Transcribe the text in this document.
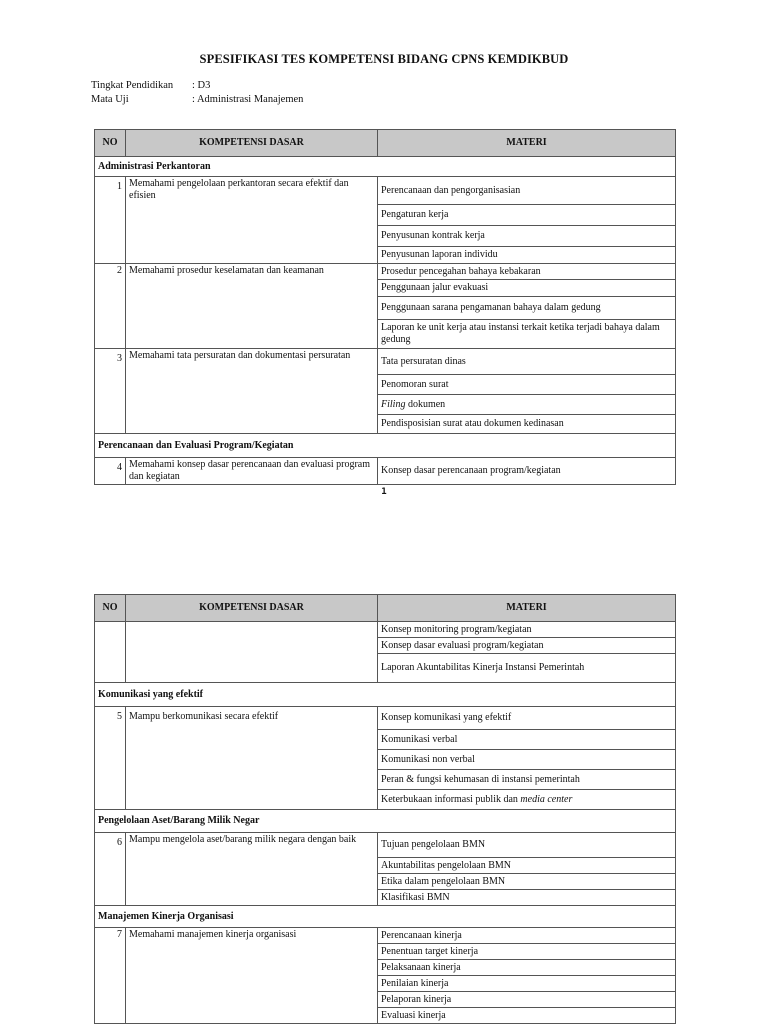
SPESIFIKASI TES KOMPETENSI BIDANG CPNS KEMDIKBUD
Tingkat Pendidikan	: D3
Mata Uji	: Administrasi Manajemen
NO	KOMPETENSI DASAR	MATERI
Administrasi Perkantoran		
1	Memahami pengelolaan perkantoran secara efektif dan efisien	Perencanaan dan pengorganisasian
		Pengaturan kerja
		Penyusunan kontrak kerja
		Penyusunan laporan individu
2	Memahami prosedur keselamatan dan keamanan	Prosedur pencegahan bahaya kebakaran
		Penggunaan jalur evakuasi
		Penggunaan sarana pengamanan bahaya dalam gedung
		Laporan ke unit kerja atau instansi terkait ketika terjadi bahaya dalam gedung
3	Memahami tata persuratan dan dokumentasi persuratan	Tata persuratan dinas
		Penomoran surat
		Filing dokumen
		Pendisposisian surat atau dokumen kedinasan
Perencanaan dan Evaluasi Program/Kegiatan		
4	Memahami konsep dasar perencanaan dan evaluasi program dan kegiatan	Konsep dasar perencanaan program/kegiatan
1
NO	KOMPETENSI DASAR	MATERI
		Konsep monitoring program/kegiatan
		Konsep dasar evaluasi program/kegiatan
		Laporan Akuntabilitas Kinerja Instansi Pemerintah
Komunikasi yang efektif		
5	Mampu berkomunikasi secara efektif	Konsep komunikasi yang efektif
		Komunikasi verbal
		Komunikasi non verbal
		Peran & fungsi kehumasan di instansi pemerintah
		Keterbukaan informasi publik dan media center
Pengelolaan Aset/Barang Milik Negar		
6	Mampu mengelola aset/barang milik negara dengan baik	Tujuan pengelolaan BMN
		Akuntabilitas pengelolaan BMN
		Etika dalam pengelolaan BMN
		Klasifikasi BMN
Manajemen Kinerja Organisasi		
7	Memahami manajemen kinerja organisasi	Perencanaan kinerja
		Penentuan target kinerja
		Pelaksanaan kinerja
		Penilaian kinerja
		Pelaporan kinerja
		Evaluasi kinerja
